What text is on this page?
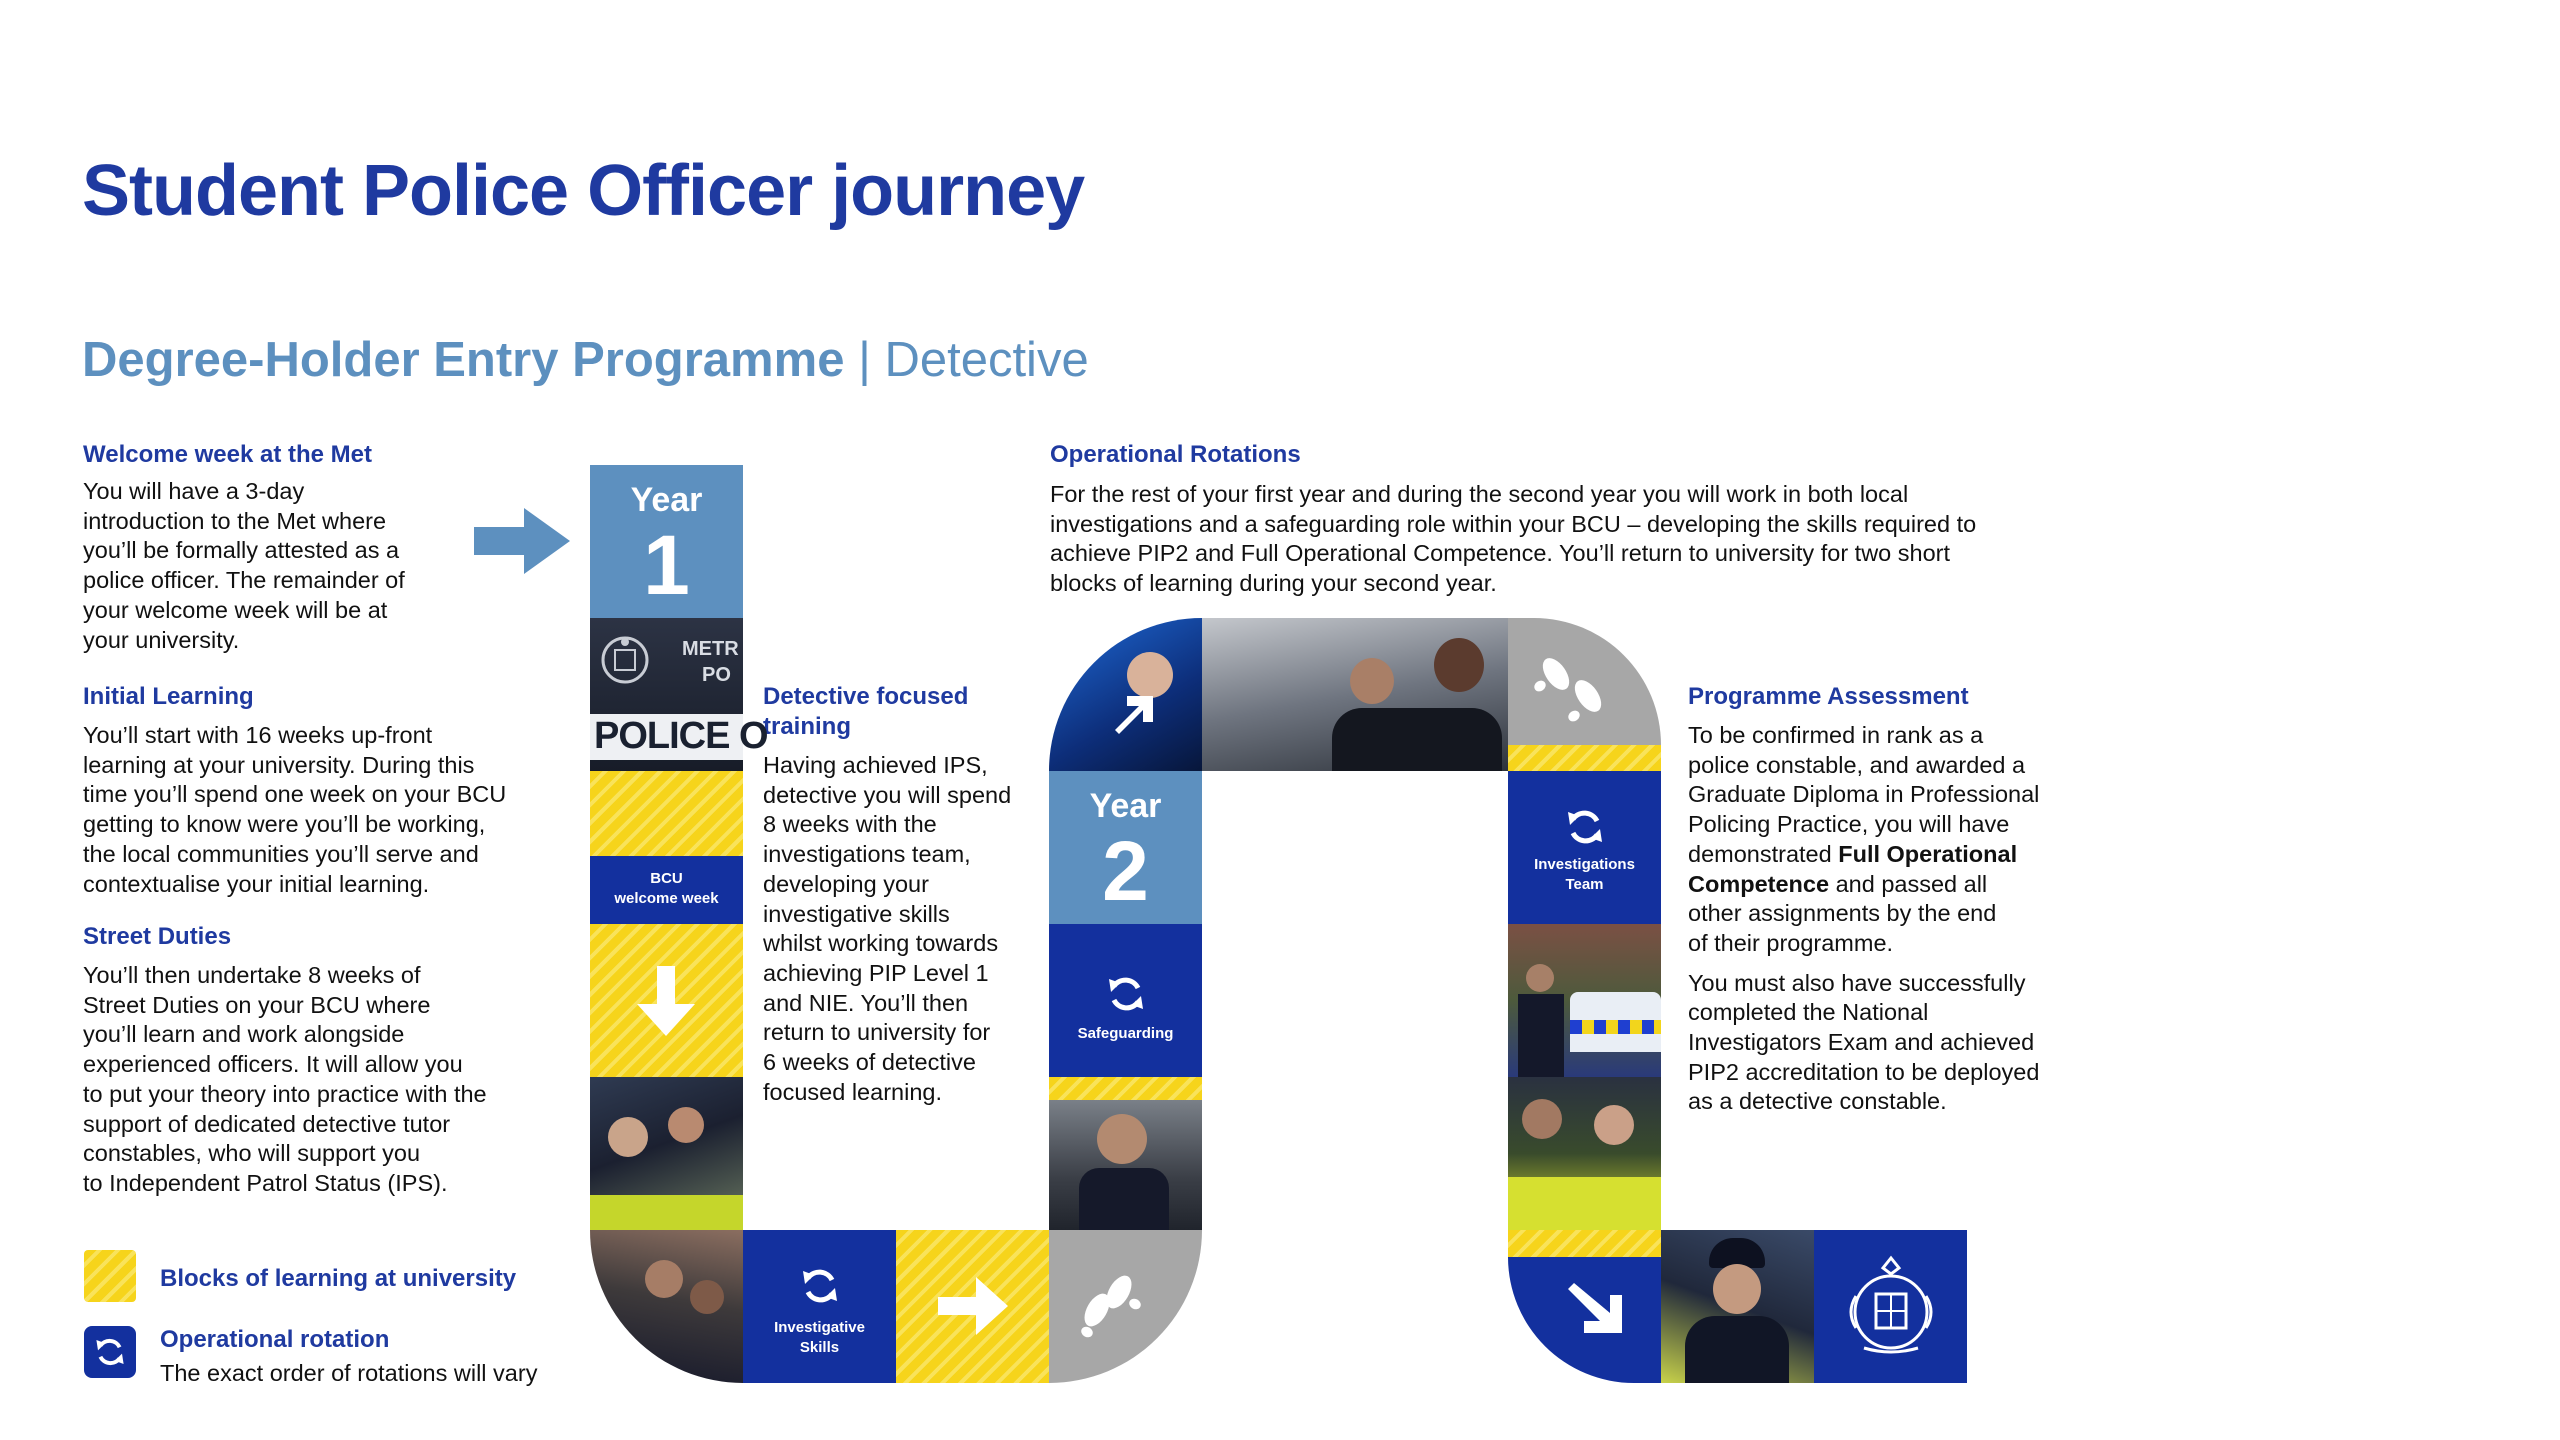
Student Police Officer journey
Degree-Holder Entry Programme | Detective
Welcome week at the Met
You will have a 3-day
introduction to the Met where
you’ll be formally attested as a
police officer. The remainder of
your welcome week will be at
your university.
Initial Learning
You’ll start with 16 weeks up-front
learning at your university. During this
time you’ll spend one week on your BCU
getting to know were you’ll be working,
the local communities you’ll serve and
contextualise your initial learning.
Street Duties
You’ll then undertake 8 weeks of
Street Duties on your BCU where
you’ll learn and work alongside
experienced officers. It will allow you
to put your theory into practice with the
support of dedicated detective tutor
constables, who will support you
to Independent Patrol Status (IPS).
Detective focused
training
Having achieved IPS,
detective you will spend
8 weeks with the
investigations team,
developing your
investigative skills
whilst working towards
achieving PIP Level 1
and NIE. You’ll then
return to university for
6 weeks of detective
focused learning.
Operational Rotations
For the rest of your first year and during the second year you will work in both local
investigations and a safeguarding role within your BCU – developing the skills required to
achieve PIP2 and Full Operational Competence. You’ll return to university for two short
blocks of learning during your second year.
Programme Assessment
To be confirmed in rank as a
police constable, and awarded a
Graduate Diploma in Professional
Policing Practice, you will have
demonstrated Full Operational
Competence and passed all
other assignments by the end
of their programme.
You must also have successfully
completed the National
Investigators Exam and achieved
PIP2 accreditation to be deployed
as a detective constable.
Year
1
METR
PO
POLICE O
BCU
welcome week
Investigative
Skills
Safeguarding
Year
2	Investigations
Team
Blocks of learning at university
Operational rotation
The exact order of rotations will vary
